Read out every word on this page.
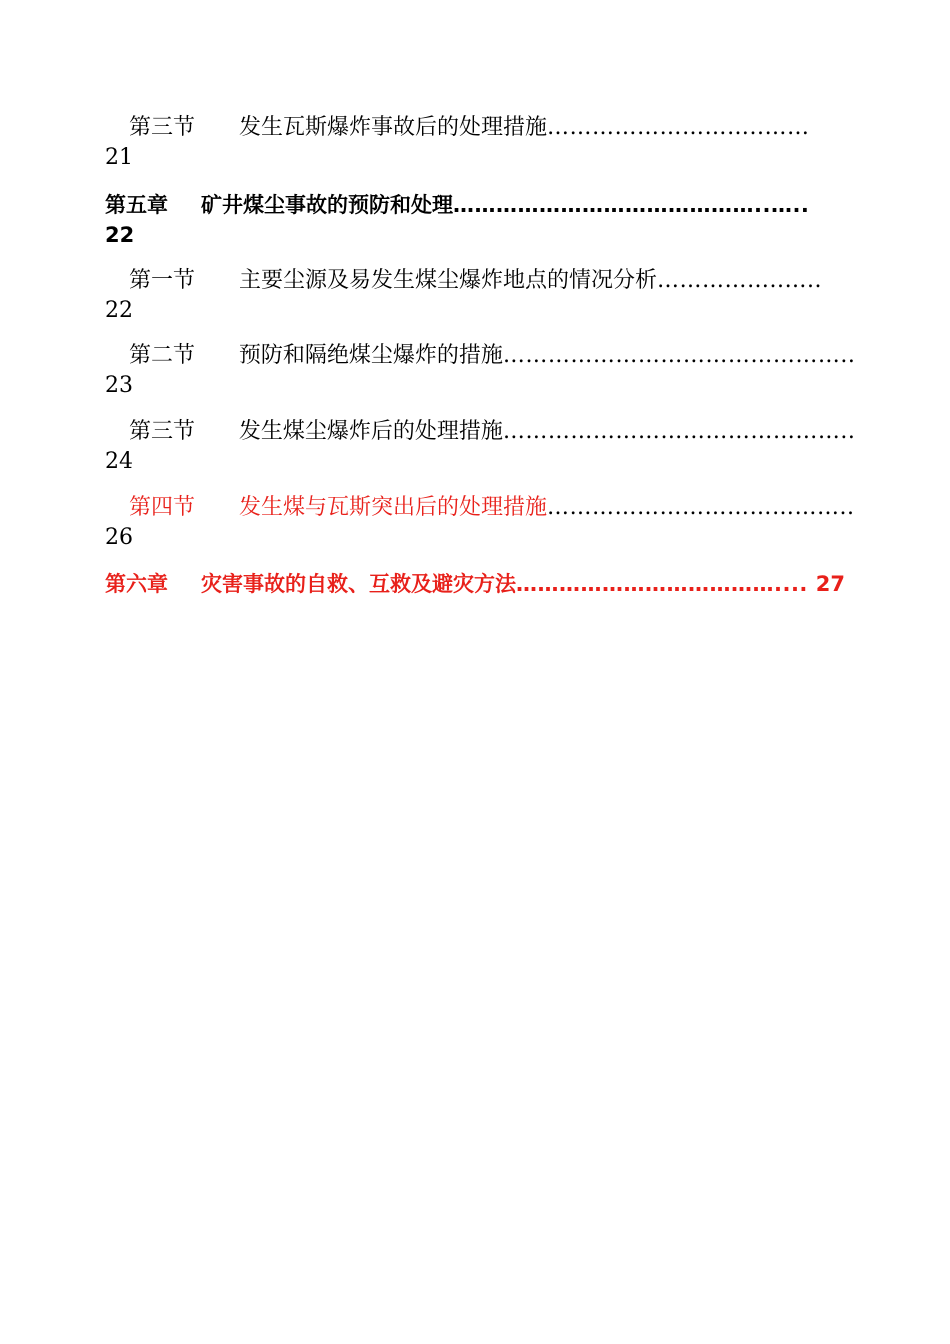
第三节	发生瓦斯爆炸事故后的处理措施 ………………………..……
21
第五章	矿井煤尘事故的预防和处理 ……………………………………..…..
22
第一节	主要尘源及易发生煤尘爆炸地点的情况分析 ……………..…..
22
第二节	预防和隔绝煤尘爆炸的措施 ………………………………………..
23
第三节	发生煤尘爆炸后的处理措施 ………………………………………..
24
第四节	发生煤与瓦斯突出后的处理措施 …………………………………..
26
第六章	灾害事故的自救、互救及避灾方法 ……………………………….... 27
